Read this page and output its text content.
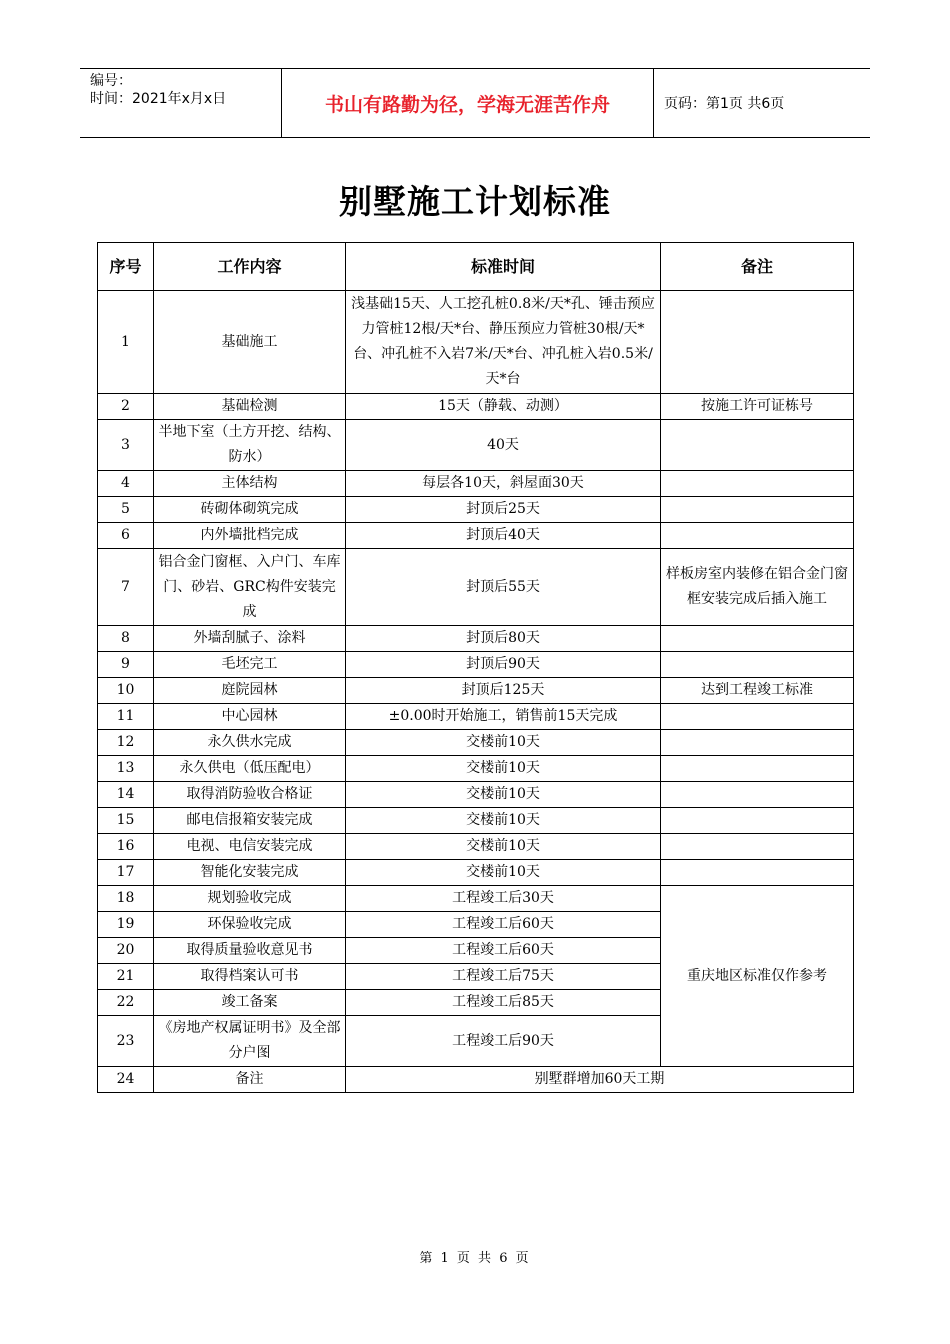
编号：
时间：2021年x月x日	书山有路勤为径，学海无涯苦作舟	页码：第1页 共6页
别墅施工计划标准
序号	工作内容	标准时间	备注
1	基础施工	浅基础15天、人工挖孔桩0.8米/天*孔、锤击预应力管桩12根/天*台、静压预应力管桩30根/天*台、冲孔桩不入岩7米/天*台、冲孔桩入岩0.5米/天*台	
2	基础检测	15天（静载、动测）	按施工许可证栋号
3	半地下室（土方开挖、结构、防水）	40天	
4	主体结构	每层各10天，斜屋面30天	
5	砖砌体砌筑完成	封顶后25天	
6	内外墙批档完成	封顶后40天	
7	铝合金门窗框、入户门、车库门、砂岩、GRC构件安装完成	封顶后55天	样板房室内装修在铝合金门窗框安装完成后插入施工
8	外墙刮腻子、涂料	封顶后80天	
9	毛坯完工	封顶后90天	
10	庭院园林	封顶后125天	达到工程竣工标准
11	中心园林	±0.00时开始施工，销售前15天完成	
12	永久供水完成	交楼前10天	
13	永久供电（低压配电）	交楼前10天	
14	取得消防验收合格证	交楼前10天	
15	邮电信报箱安装完成	交楼前10天	
16	电视、电信安装完成	交楼前10天	
17	智能化安装完成	交楼前10天	
18	规划验收完成	工程竣工后30天	重庆地区标准仅作参考
19	环保验收完成	工程竣工后60天	
20	取得质量验收意见书	工程竣工后60天	
21	取得档案认可书	工程竣工后75天	
22	竣工备案	工程竣工后85天	
23	《房地产权属证明书》及全部分户图	工程竣工后90天	
24	备注	别墅群增加60天工期	
第 1 页 共 6 页
